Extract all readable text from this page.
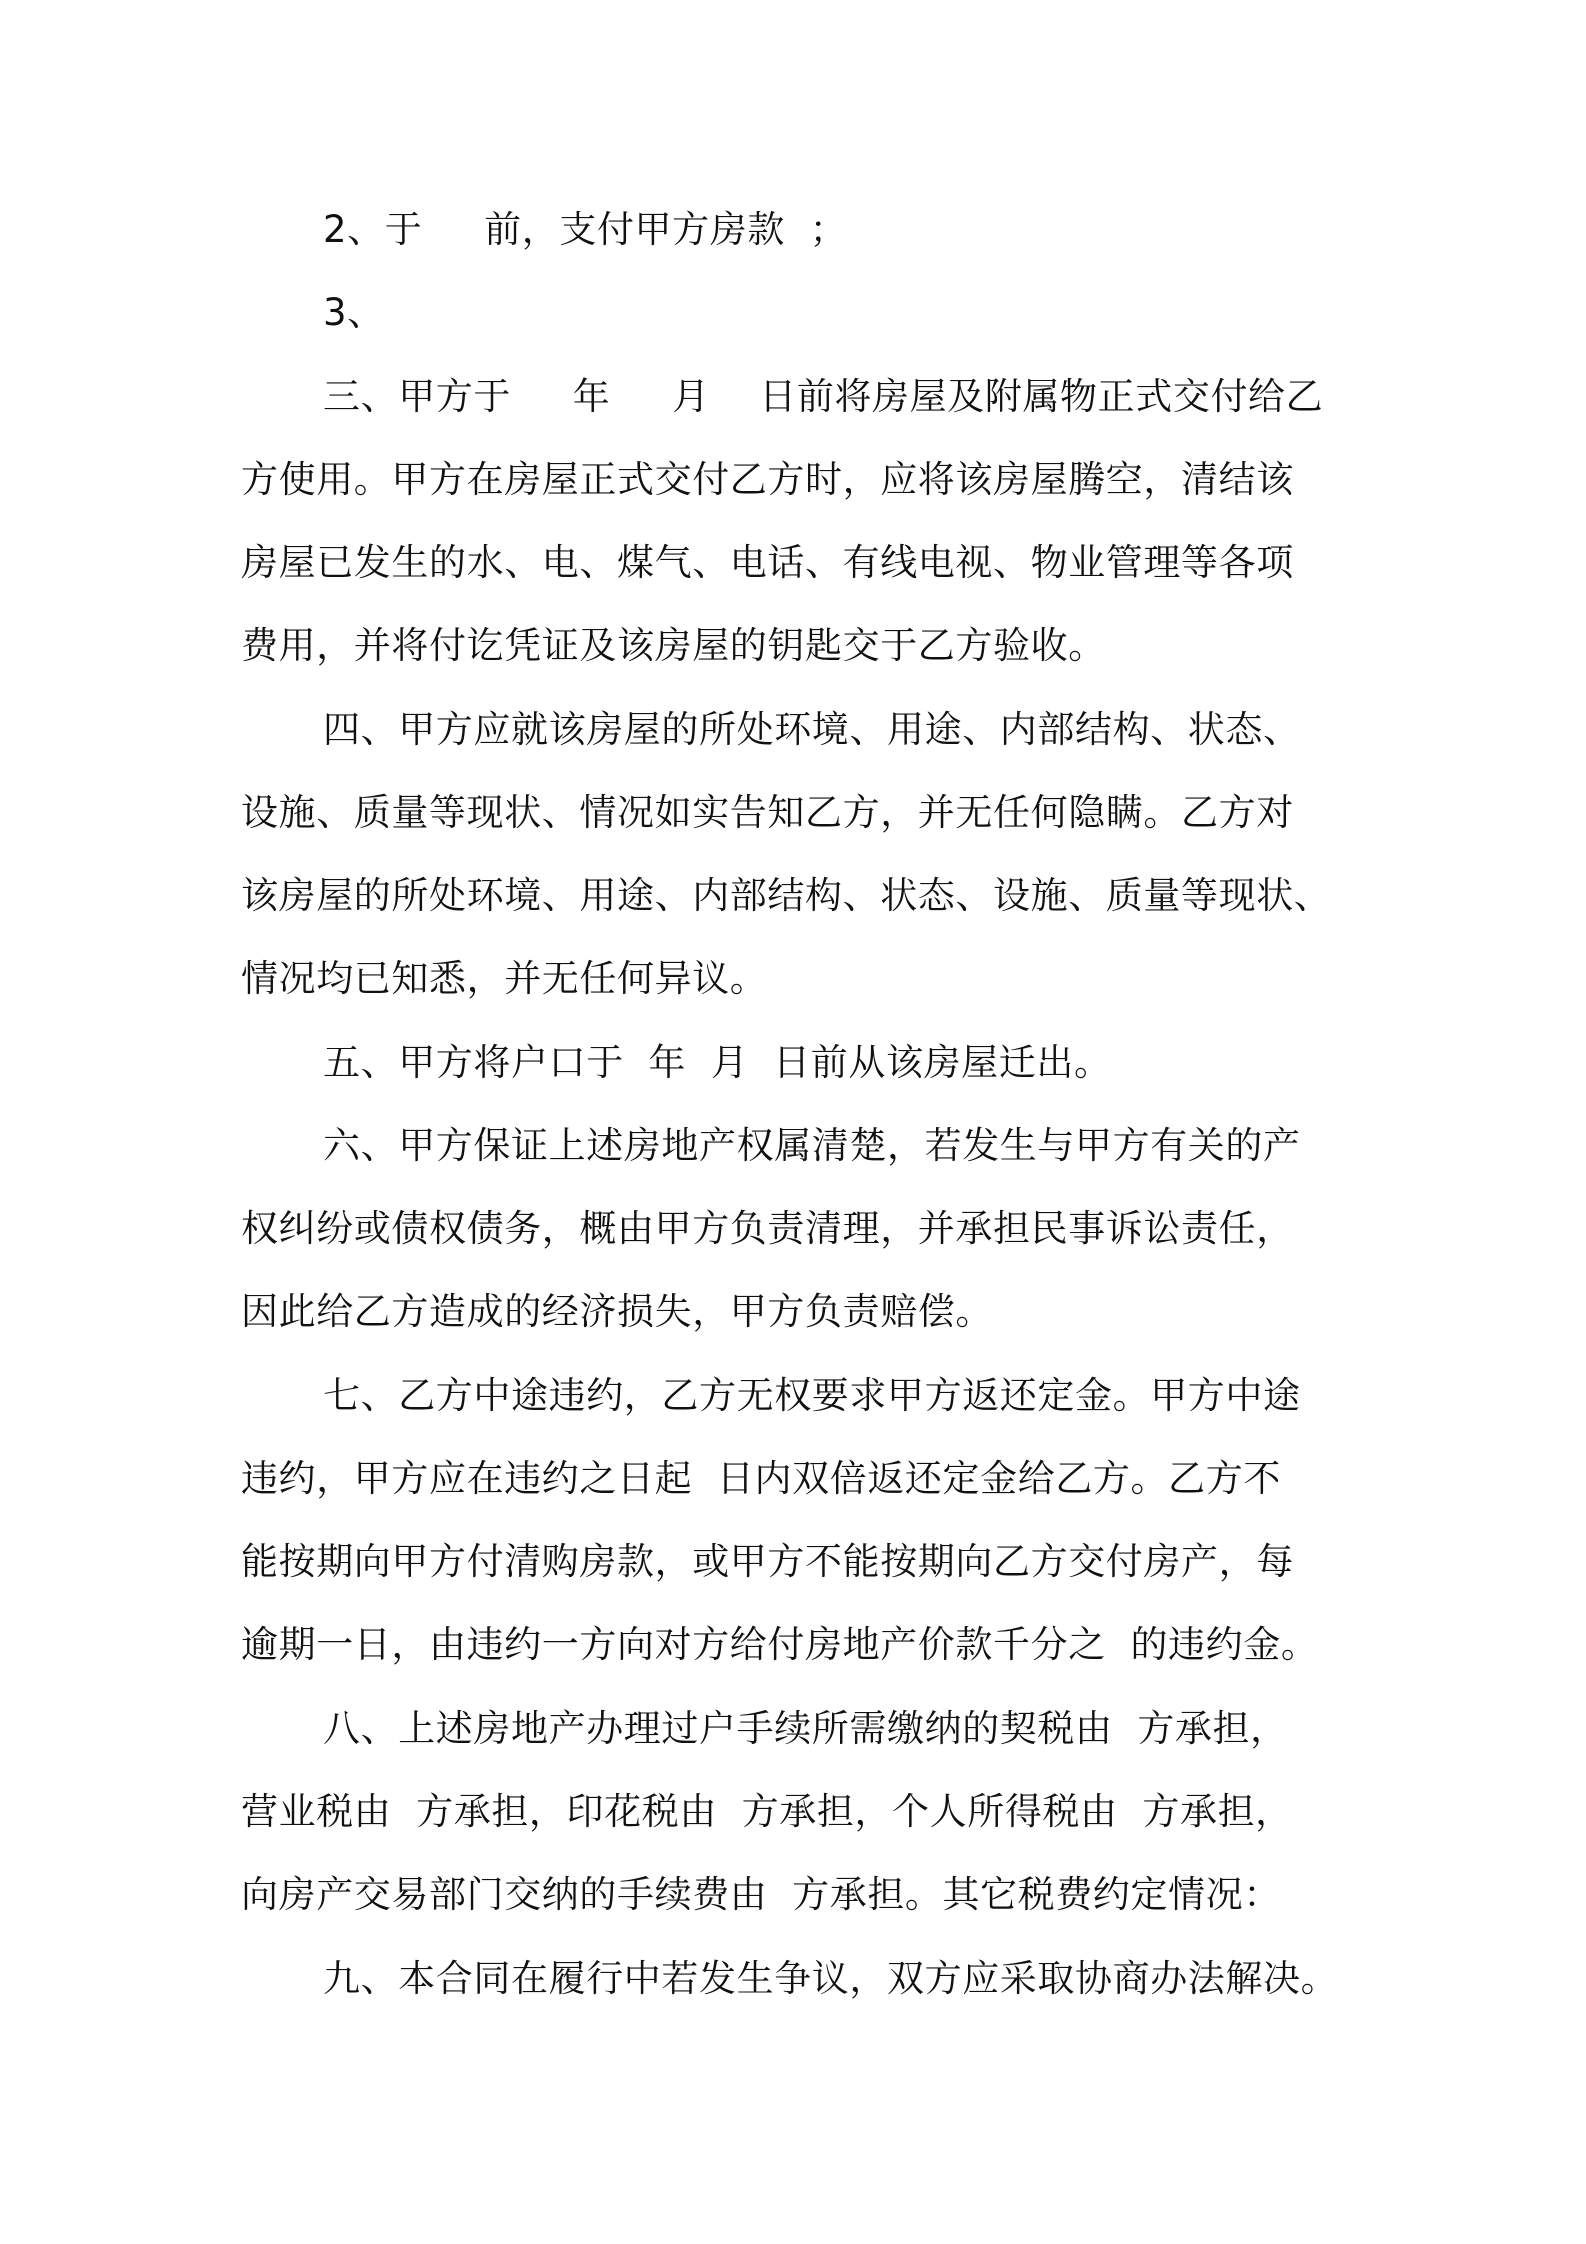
2、于     前，支付甲方房款  ；
3、
三、甲方于     年     月    日前将房屋及附属物正式交付给乙
方使用。甲方在房屋正式交付乙方时，应将该房屋腾空，清结该
房屋已发生的水、电、煤气、电话、有线电视、物业管理等各项
费用，并将付讫凭证及该房屋的钥匙交于乙方验收。
四、甲方应就该房屋的所处环境、用途、内部结构、状态、
设施、质量等现状、情况如实告知乙方，并无任何隐瞒。乙方对
该房屋的所处环境、用途、内部结构、状态、设施、质量等现状、
情况均已知悉，并无任何异议。
五、甲方将户口于  年  月  日前从该房屋迁出。
六、甲方保证上述房地产权属清楚，若发生与甲方有关的产
权纠纷或债权债务，概由甲方负责清理，并承担民事诉讼责任，
因此给乙方造成的经济损失，甲方负责赔偿。
七、乙方中途违约，乙方无权要求甲方返还定金。甲方中途
违约，甲方应在违约之日起  日内双倍返还定金给乙方。乙方不
能按期向甲方付清购房款，或甲方不能按期向乙方交付房产，每
逾期一日，由违约一方向对方给付房地产价款千分之  的违约金。
八、上述房地产办理过户手续所需缴纳的契税由  方承担，
营业税由  方承担，印花税由  方承担，个人所得税由  方承担，
向房产交易部门交纳的手续费由  方承担。其它税费约定情况：
九、本合同在履行中若发生争议，双方应采取协商办法解决。
